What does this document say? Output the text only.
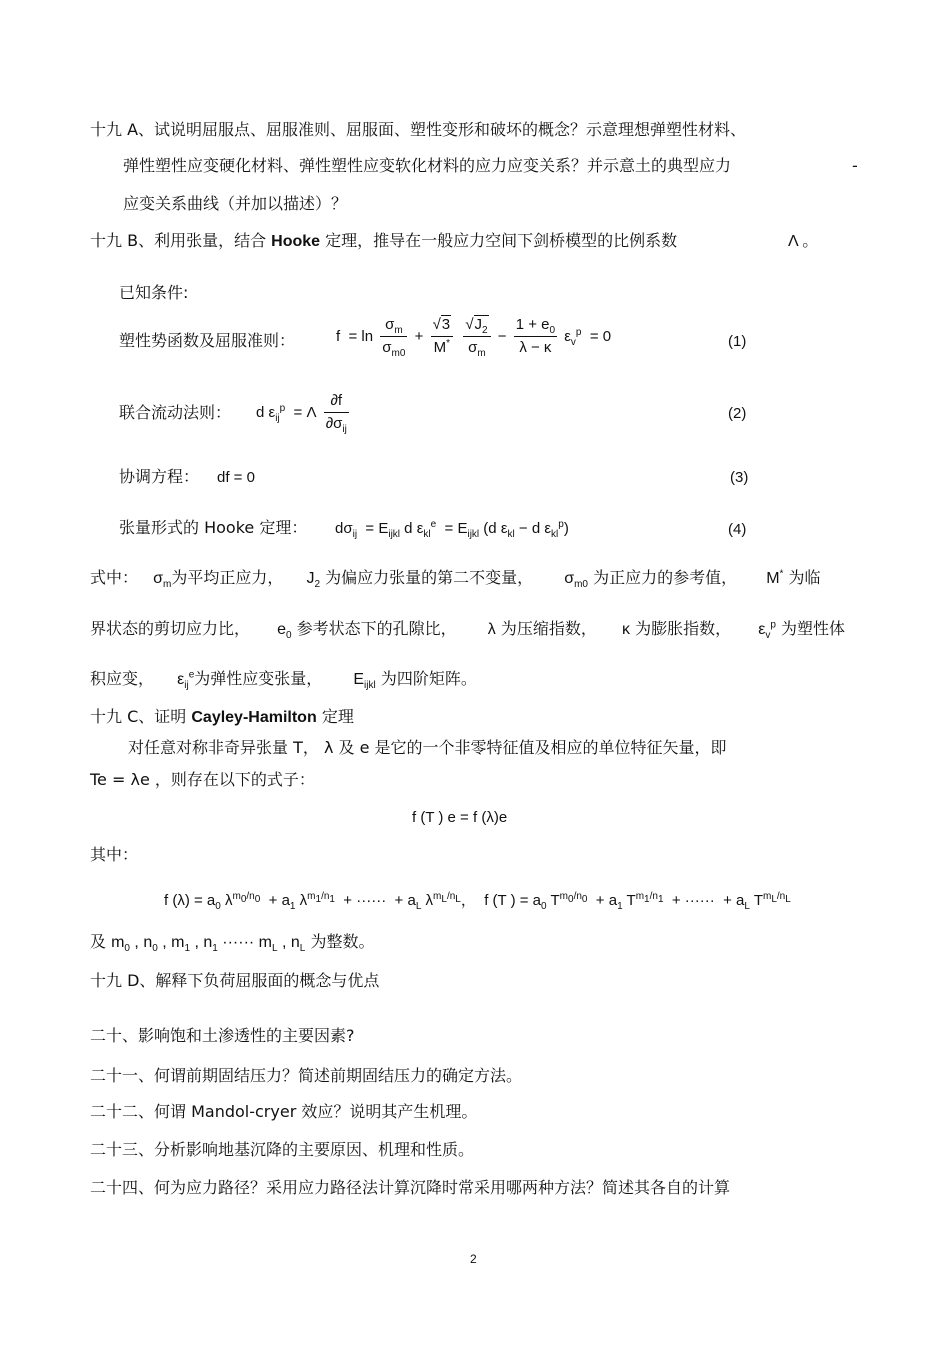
十九 A、试说明屈服点、屈服准则、屈服面、塑性变形和破坏的概念？示意理想弹塑性材料、
弹性塑性应变硬化材料、弹性塑性应变软化材料的应力应变关系？并示意土的典型应力	-
应变关系曲线（并加以描述）？
十九 B、利用张量，结合 Hooke 定理，推导在一般应力空间下剑桥模型的比例系数	Λ 。
已知条件:
塑性势函数及屈服准则：	$f = \ln \frac{\sigma_m}{\sigma_{m0}} + \frac{√3}{M^*}$
$\frac{√J_2}{\sigma_m} - \frac{1 + e_0}{\lambda - \kappa} \varepsilon_v^p = 0$	(1)
联合流动法则： d $\varepsilon_{ij}^p = \Lambda \frac{\partial f}{\partial\sigma_{ij}}$	(2)
协调方程： df = 0	(3)
张量形式的 Hooke 定理： $d\sigma_{ij} = E_{ijkl}$ d $\varepsilon_{kl}^e = E_{ijkl}$ (d $\varepsilon_{kl} - d$ $\varepsilon_{kl}^p$)	(4)
式中： $\sigma_m$为平均正应力， $J_2$ 为偏应力张量的第二不变量， $\sigma_{m0}$ 为正应力的参考值， M* 为临
界状态的剪切应力比， $e_0$ 参考状态下的孔隙比， λ 为压缩指数， κ 为膨胀指数， $\varepsilon_v^p$ 为塑性体
积应变， $\varepsilon_{ij}^e$为弹性应变张量， $E_{ijkl}$ 为四阶矩阵。
十九 C、证明 Cayley-Hamilton 定理
对任意对称非奇异张量 T， λ 及 e 是它的一个非零特征值及相应的单位特征矢量，即
Te = λe ，则存在以下的式子：
f (T ) e = f (λ)e
其中：
f $(\lambda) = a_0$ $\lambda^{m_0/n_0} + a_1$ $\lambda^{m_1/n_1}$  + ······  + $a_L$ $\lambda^{m_L/n_L}$，  f (T ) = $a_0$ $T^{m_0/n_0} + a_1$ $T^{m_1/n_1}$  + ······  + $a_L$ $T^{m_L/n_L}$
及 $m_0$ , $n_0$ , $m_1$ , $n_1$ ······ $m_L$ , $n_L$ 为整数。
十九 D、解释下负荷屈服面的概念与优点
二十、影响饱和土渗透性的主要因素?
二十一、何谓前期固结压力？简述前期固结压力的确定方法。
二十二、何谓 Mandol-cryer 效应？说明其产生机理。
二十三、分析影响地基沉降的主要原因、机理和性质。
二十四、何为应力路径？采用应力路径法计算沉降时常采用哪两种方法？简述其各自的计算
2
